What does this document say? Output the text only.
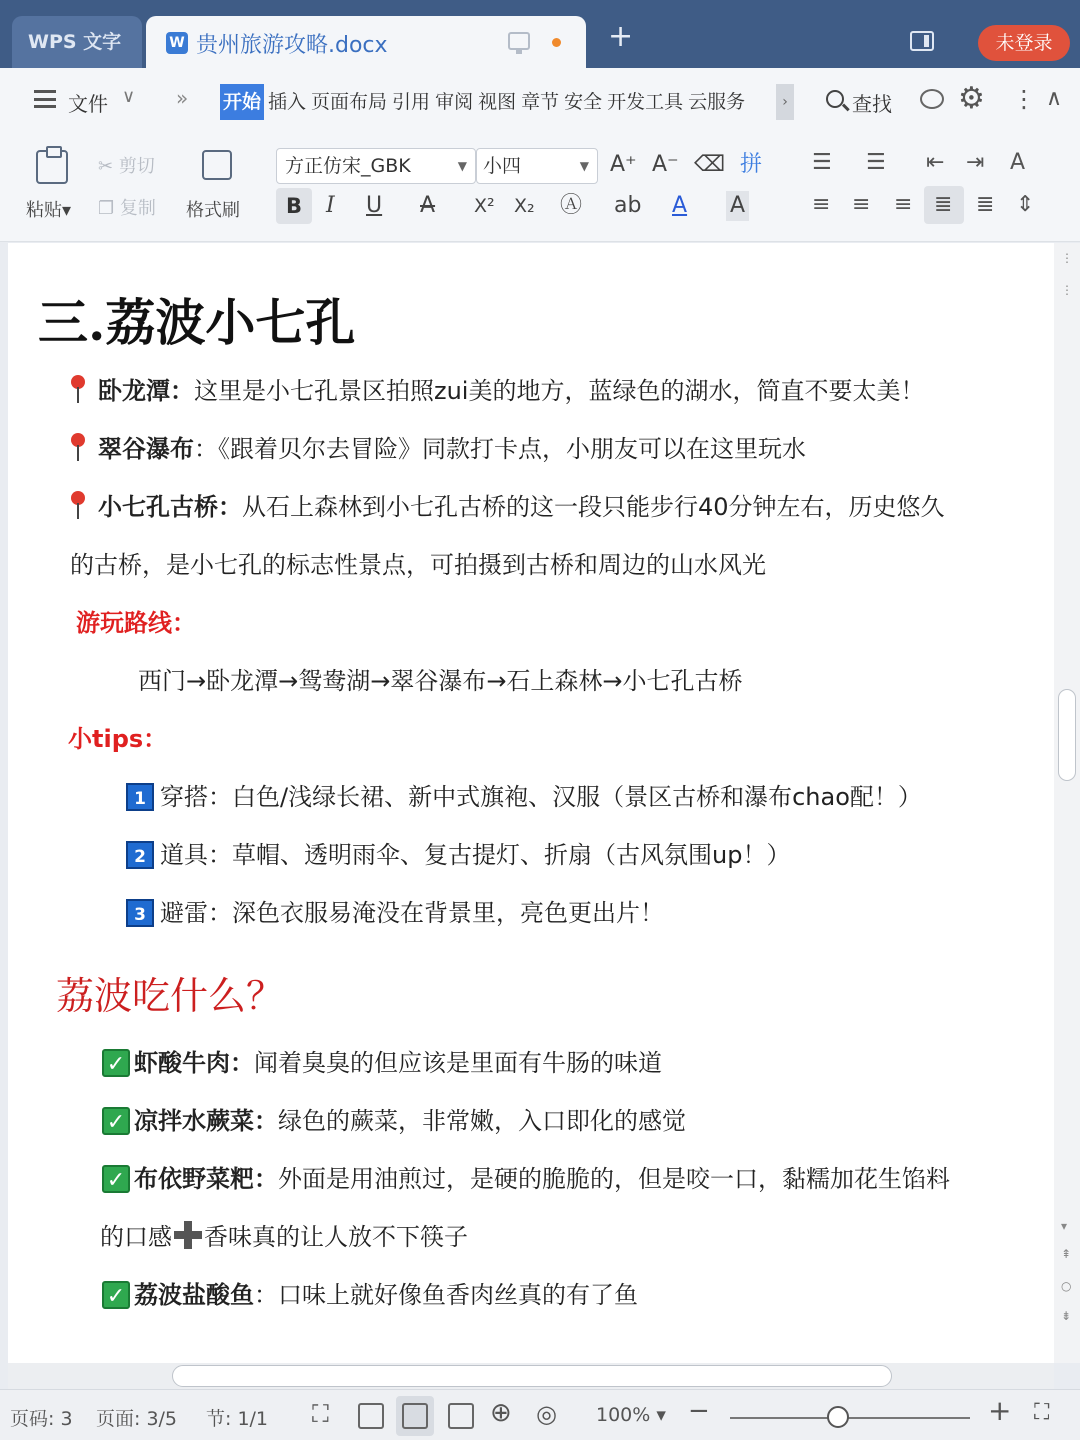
WPS 文字	W 贵州旅游攻略.docx	+	未登录
文件 ∨ » 开始 插入 页面布局 引用 审阅 视图 章节 安全 开发工具 云服务	›	查找 ⚙ ⋮ ∧
粘贴▾
✂ 剪切
❐ 复制 格式刷
方正仿宋_GBK	▼ 小四	▼ A⁺ A⁻ ⌫ 拼
B	I U A X² X₂ Ⓐ ab A A
☰ ☰ ⇤ ⇥ A
≡ ≡ ≡ ≣ ≣ ⇕
三.荔波小七孔
卧龙潭：这里是小七孔景区拍照zui美的地方，蓝绿色的湖水，简直不要太美！
翠谷瀑布：《跟着贝尔去冒险》同款打卡点，小朋友可以在这里玩水
小七孔古桥：从石上森林到小七孔古桥的这一段只能步行40分钟左右，历史悠久
的古桥，是小七孔的标志性景点，可拍摄到古桥和周边的山水风光
游玩路线：
西门→卧龙潭→鸳鸯湖→翠谷瀑布→石上森林→小七孔古桥
小tips：
1 穿搭：白色/浅绿长裙、新中式旗袍、汉服（景区古桥和瀑布chao配！）
2 道具：草帽、透明雨伞、复古提灯、折扇（古风氛围up！）
3 避雷：深色衣服易淹没在背景里，亮色更出片！
荔波吃什么？
✓ 虾酸牛肉：闻着臭臭的但应该是里面有牛肠的味道
✓ 凉拌水蕨菜：绿色的蕨菜，非常嫩，入口即化的感觉
✓ 布依野菜粑：外面是用油煎过，是硬的脆脆的，但是咬一口，黏糯加花生馅料
的口感 香味真的让人放不下筷子
✓ 荔波盐酸鱼：口味上就好像鱼香肉丝真的有了鱼
⋮
⋮
▾
⇞
○
⇟
页码: 3 页面: 3/5 节: 1/1 ⛶	⊕ ◎ 100% ▾ −	+ ⛶
